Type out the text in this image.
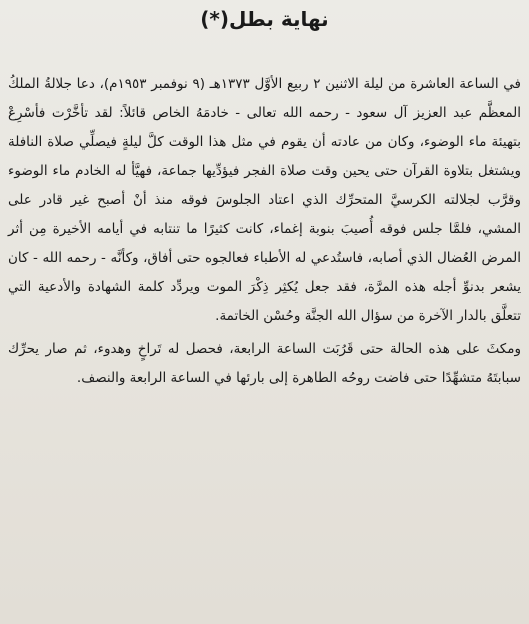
نهاية بطل(*)

في الساعة العاشرة من ليلة الاثنين ٢ ربيع الأوَّل ١٣٧٣هـ (٩ نوفمبر ١٩٥٣م)، دعا جلالةُ الملكُ المعظَّم عبد العزيز آل سعود - رحمه الله تعالى - خادمَهُ الخاص قائلاً: لقد تأخَّرْت فأسْرِعْ بتهيئة ماء الوضوء، وكان من عادته أن يقوم في مثل هذا الوقت كلَّ ليلةٍ فيصلِّي صلاة النافلة ويشتغل بتلاوة القرآن حتى يحين وقت صلاة الفجر فيؤدِّيها جماعة، فهيَّأ له الخادم ماء الوضوء وقرَّب لجلالته الكرسيَّ المتحرِّك الذي اعتاد الجلوسَ فوقه منذ أنْ أصبح غير قادر على المشي، فلمَّا جلس فوقه أُصيبَ بنوبة إغماء، كانت كثيرًا ما تنتابه في أيامه الأخيرة مِن أثر المرض العُضال الذي أصابه، فاستُدعي له الأطباء فعالجوه حتى أفاق، وكأنَّه - رحمه الله - كان يشعر بدنوِّ أجله هذه المرَّة، فقد جعل يُكثِر ذِكْرَ الموت ويردِّد كلمة الشهادة والأدعية التي تتعلَّق بالدار الآخرة من سؤال الله الجنَّة وحُسْن الخاتمة.

ومكثَ على هذه الحالة حتى قَرُبَت الساعة الرابعة، فحصل له تَراخٍ وهدوء، ثم صار يحرِّك سبابتَهُ متشهِّدًا حتى فاضت روحُه الطاهرة إلى بارئها في الساعة الرابعة والنصف.
